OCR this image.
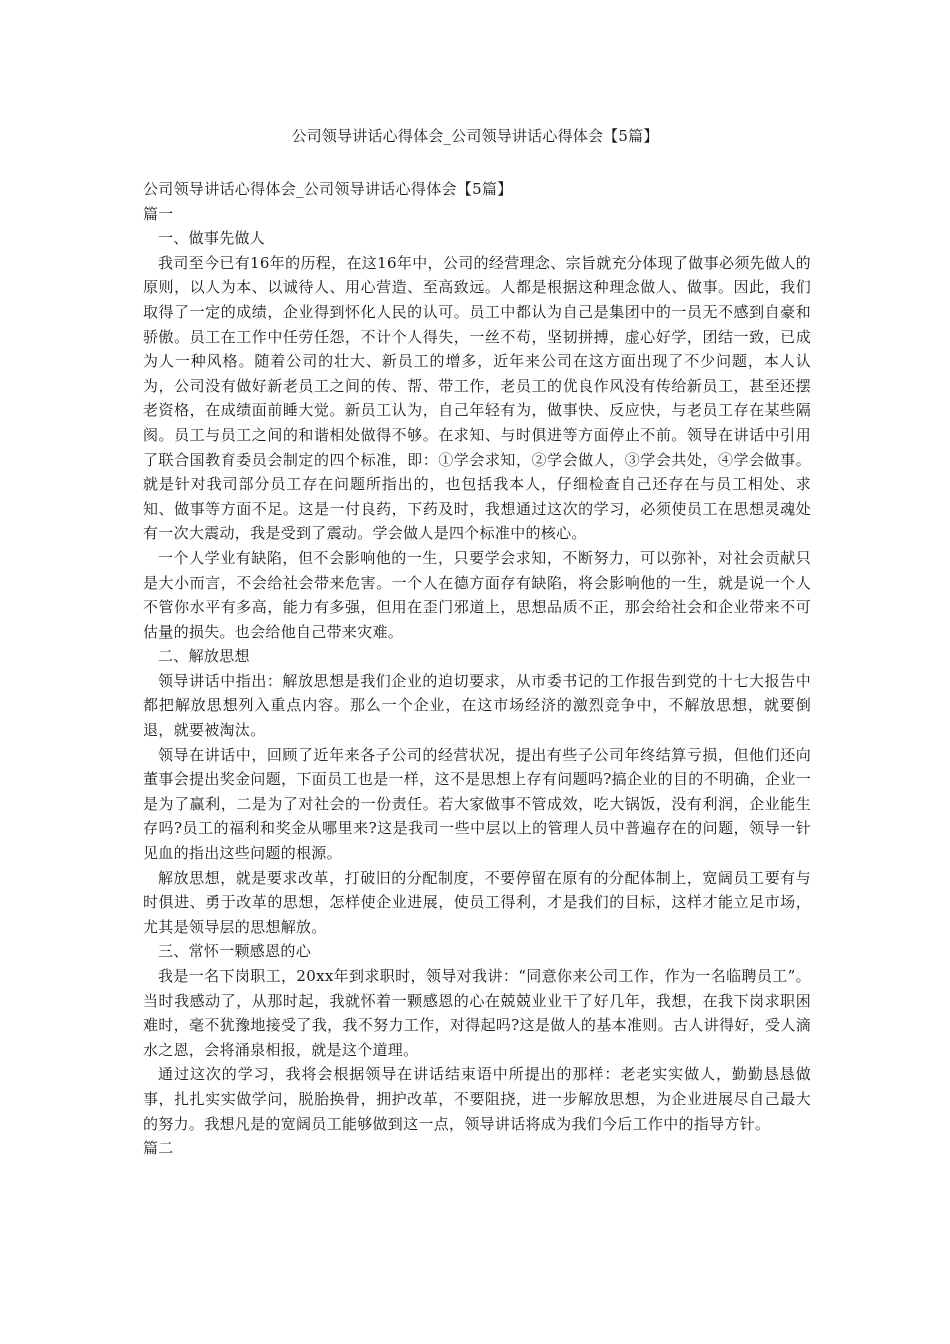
公司领导讲话心得体会_公司领导讲话心得体会【5篇】

公司领导讲话心得体会_公司领导讲话心得体会【5篇】

篇一

一、做事先做人

我司至今已有16年的历程，在这16年中，公司的经营理念、宗旨就充分体现了做事必须先做人的原则，以人为本、以诚待人、用心营造、至高致远。人都是根据这种理念做人、做事。因此，我们取得了一定的成绩，企业得到怀化人民的认可。员工中都认为自己是集团中的一员无不感到自豪和骄傲。员工在工作中任劳任怨，不计个人得失，一丝不苟，坚韧拼搏，虚心好学，团结一致，已成为人一种风格。随着公司的壮大、新员工的增多，近年来公司在这方面出现了不少问题，本人认为，公司没有做好新老员工之间的传、帮、带工作，老员工的优良作风没有传给新员工，甚至还摆老资格，在成绩面前睡大觉。新员工认为，自己年轻有为，做事快、反应快，与老员工存在某些隔阂。员工与员工之间的和谐相处做得不够。在求知、与时俱进等方面停止不前。领导在讲话中引用了联合国教育委员会制定的四个标准，即：①学会求知，②学会做人，③学会共处，④学会做事。就是针对我司部分员工存在问题所指出的，也包括我本人，仔细检查自己还存在与员工相处、求知、做事等方面不足。这是一付良药，下药及时，我想通过这次的学习，必须使员工在思想灵魂处有一次大震动，我是受到了震动。学会做人是四个标准中的核心。

一个人学业有缺陷，但不会影响他的一生，只要学会求知，不断努力，可以弥补，对社会贡献只是大小而言，不会给社会带来危害。一个人在德方面存有缺陷，将会影响他的一生，就是说一个人不管你水平有多高，能力有多强，但用在歪门邪道上，思想品质不正，那会给社会和企业带来不可估量的损失。也会给他自己带来灾难。

二、解放思想

领导讲话中指出：解放思想是我们企业的迫切要求，从市委书记的工作报告到党的十七大报告中都把解放思想列入重点内容。那么一个企业，在这市场经济的激烈竞争中，不解放思想，就要倒退，就要被淘汰。

领导在讲话中，回顾了近年来各子公司的经营状况，提出有些子公司年终结算亏损，但他们还向董事会提出奖金问题，下面员工也是一样，这不是思想上存有问题吗?搞企业的目的不明确，企业一是为了赢利，二是为了对社会的一份责任。若大家做事不管成效，吃大锅饭，没有利润，企业能生存吗?员工的福利和奖金从哪里来?这是我司一些中层以上的管理人员中普遍存在的问题，领导一针见血的指出这些问题的根源。

解放思想，就是要求改革，打破旧的分配制度，不要停留在原有的分配体制上，宽阔员工要有与时俱进、勇于改革的思想，怎样使企业进展，使员工得利，才是我们的目标，这样才能立足市场，尤其是领导层的思想解放。

三、常怀一颗感恩的心

我是一名下岗职工，20xx年到求职时，领导对我讲：“同意你来公司工作，作为一名临聘员工”。当时我感动了，从那时起，我就怀着一颗感恩的心在兢兢业业干了好几年，我想，在我下岗求职困难时，毫不犹豫地接受了我，我不努力工作，对得起吗?这是做人的基本准则。古人讲得好，受人滴水之恩，会将涌泉相报，就是这个道理。

通过这次的学习，我将会根据领导在讲话结束语中所提出的那样：老老实实做人，勤勤恳恳做事，扎扎实实做学问，脱胎换骨，拥护改革，不要阻挠，进一步解放思想，为企业进展尽自己最大的努力。我想凡是的宽阔员工能够做到这一点，领导讲话将成为我们今后工作中的指导方针。

篇二
